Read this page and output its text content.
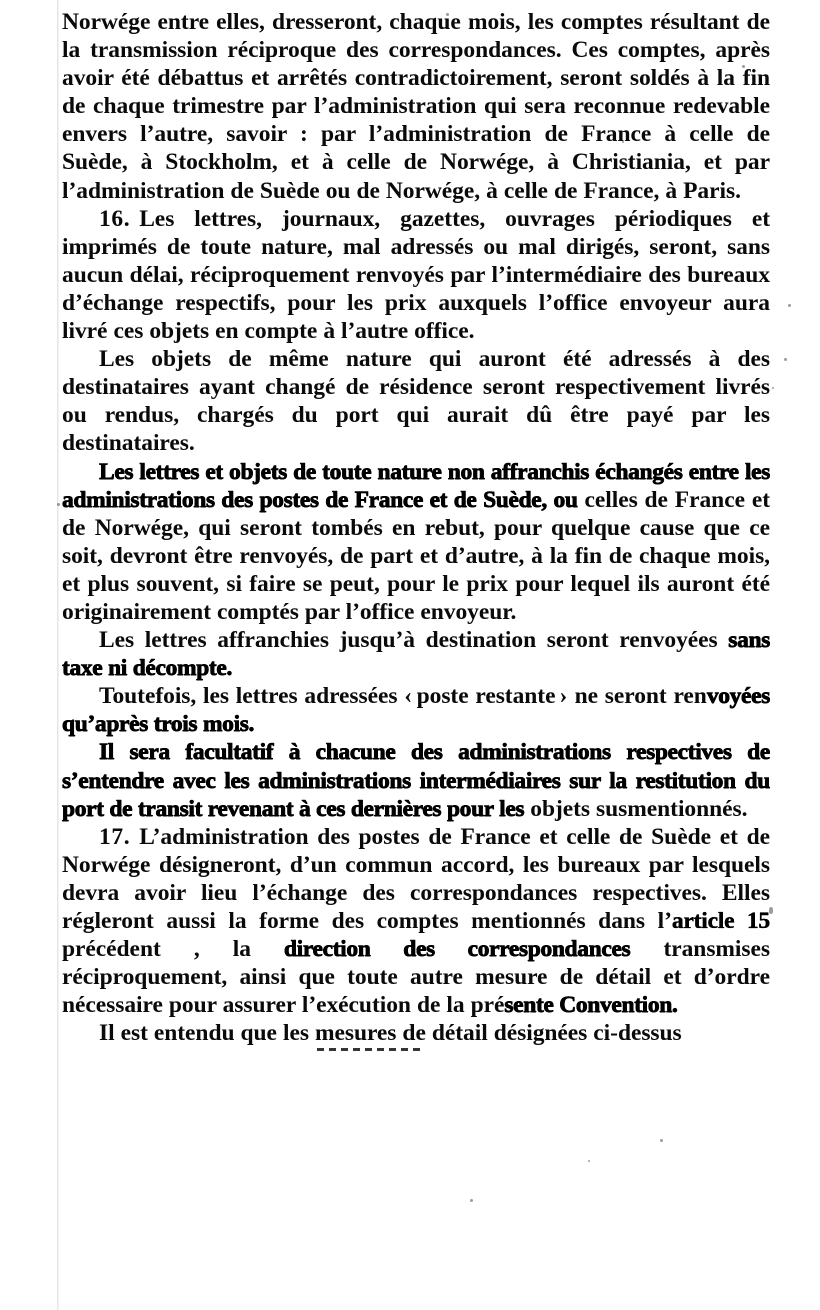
Norwége entre elles, dresseront, chaque mois, les comptes résultant de la transmission réciproque des correspondances. Ces comptes, après avoir été débattus et arrêtés contradictoirement, seront soldés à la fin de chaque trimestre par l’administration qui sera reconnue redevable envers l’autre, savoir : par l’administration de France à celle de Suède, à Stockholm, et à celle de Norwége, à Christiania, et par l’administration de Suède ou de Norwége, à celle de France, à Paris.

16. Les lettres, journaux, gazettes, ouvrages périodiques et imprimés de toute nature, mal adressés ou mal dirigés, seront, sans aucun délai, réciproquement renvoyés par l’intermédiaire des bureaux d’échange respectifs, pour les prix auxquels l’office envoyeur aura livré ces objets en compte à l’autre office.

Les objets de même nature qui auront été adressés à des destinataires ayant changé de résidence seront respectivement livrés ou rendus, chargés du port qui aurait dû être payé par les destinataires.

Les lettres et objets de toute nature non affranchis échangés entre les administrations des postes de France et de Suède, ou celles de France et de Norwége, qui seront tombés en rebut, pour quelque cause que ce soit, devront être renvoyés, de part et d’autre, à la fin de chaque mois, et plus souvent, si faire se peut, pour le prix pour lequel ils auront été originairement comptés par l’office envoyeur.

Les lettres affranchies jusqu’à destination seront renvoyées sans taxe ni décompte.

Toutefois, les lettres adressées ‹ poste restante › ne seront renvoyées qu’après trois mois.

Il sera facultatif à chacune des administrations respectives de s’entendre avec les administrations intermédiaires sur la restitution du port de transit revenant à ces dernières pour les objets susmentionnés.

17. L’administration des postes de France et celle de Suède et de Norwége désigneront, d’un commun accord, les bureaux par lesquels devra avoir lieu l’échange des correspondances respectives. Elles régleront aussi la forme des comptes mentionnés dans l’article 15 précédent , la direction des correspondances transmises réciproquement, ainsi que toute autre mesure de détail et d’ordre nécessaire pour assurer l’exécution de la présente Convention.

Il est entendu que les mesures de détail désignées ci-dessus
